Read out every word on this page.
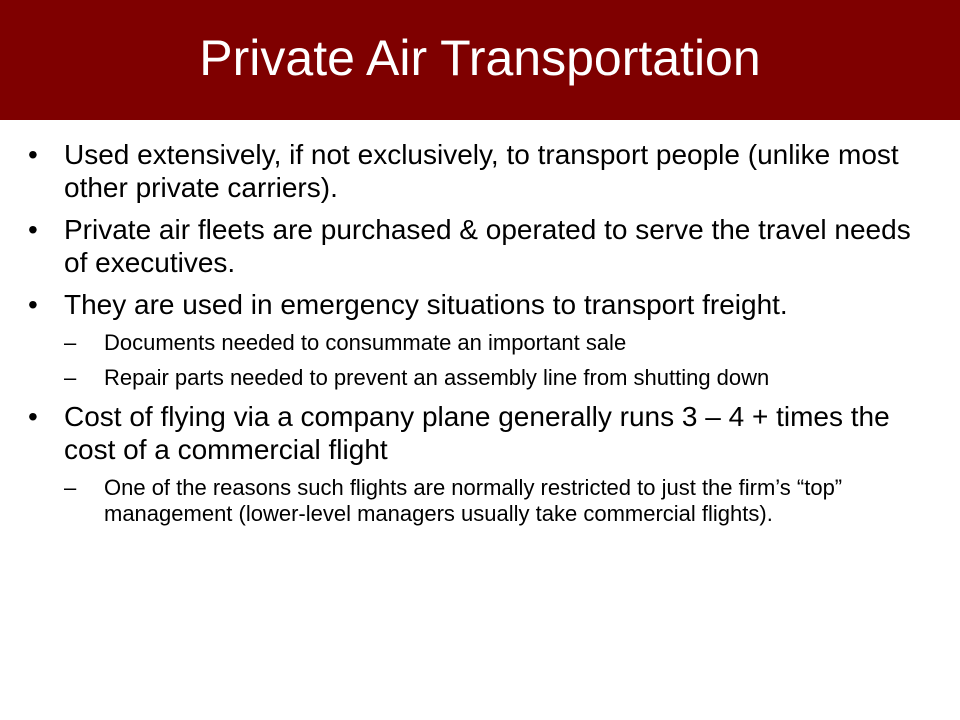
Private Air Transportation
• Used extensively, if not exclusively, to transport people (unlike most other private carriers).
• Private air fleets are purchased & operated to serve the travel needs of executives.
• They are used in emergency situations to transport freight.
–	Documents needed to consummate an important sale
–	Repair parts needed to prevent an assembly line from shutting down
• Cost of flying via a company plane generally runs 3 – 4 + times the cost of a commercial flight
–	One of the reasons such flights are normally restricted to just the firm’s “top” management (lower-level managers usually take commercial flights).
